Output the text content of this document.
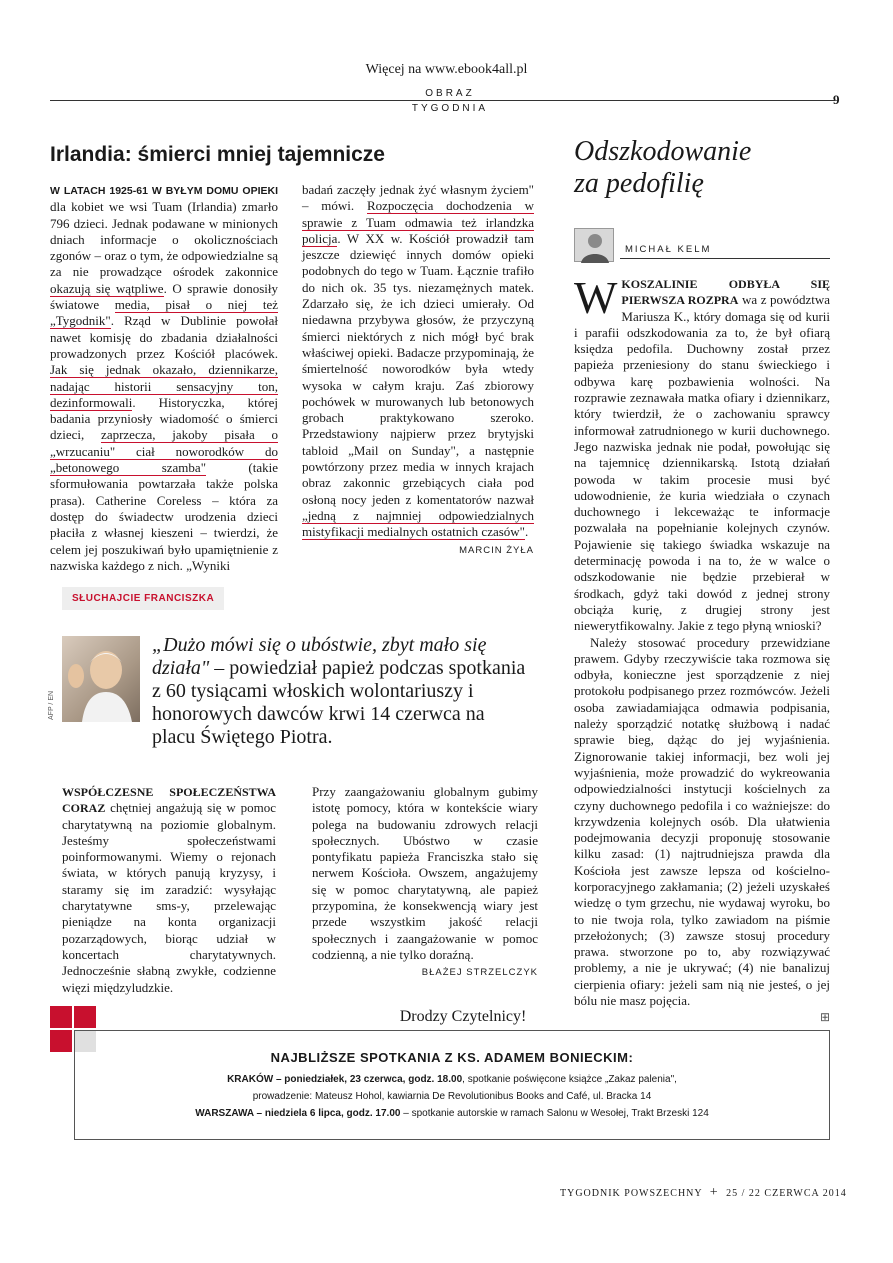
Więcej na www.ebook4all.pl
OBRAZ
TYGODNIA
9
Irlandia: śmierci mniej tajemnicze
W LATACH 1925-61 W BYŁYM DOMU OPIEKI dla kobiet we wsi Tuam (Irlandia) zmarło 796 dzieci. Jednak podawane w minionych dniach informacje o okolicznościach zgonów – oraz o tym, że odpowiedzialne są za nie prowadzące ośrodek zakonnice okazują się wątpliwe. O sprawie donosiły światowe media, pisał o niej też „Tygodnik". Rząd w Dublinie powołał nawet komisję do zbadania działalności prowadzonych przez Kościół placówek. Jak się jednak okazało, dziennikarze, nadając historii sensacyjny ton, dezinformowali. Historyczka, której badania przyniosły wiadomość o śmierci dzieci, zaprzecza, jakoby pisała o „wrzucaniu" ciał noworodków do „betonowego szamba" (takie sformułowania powtarzała także polska prasa). Catherine Coreless – która za dostęp do świadectw urodzenia dzieci płaciła z własnej kieszeni – twierdzi, że celem jej poszukiwań było upamiętnienie z nazwiska każdego z nich. „Wyniki
badań zaczęły jednak żyć własnym życiem" – mówi. Rozpoczęcia dochodzenia w sprawie z Tuam odmawia też irlandzka policja. W XX w. Kościół prowadził tam jeszcze dziewięć innych domów opieki podobnych do tego w Tuam. Łącznie trafiło do nich ok. 35 tys. niezamężnych matek. Zdarzało się, że ich dzieci umierały. Od niedawna przybywa głosów, że przyczyną śmierci niektórych z nich mógł być brak właściwej opieki. Badacze przypominają, że śmiertelność noworodków była wtedy wysoka w całym kraju. Zaś zbiorowy pochówek w murowanych lub betonowych grobach praktykowano szeroko. Przedstawiony najpierw przez brytyjski tabloid „Mail on Sunday", a następnie powtórzony przez media w innych krajach obraz zakonnic grzebiących ciała pod osłoną nocy jeden z komentatorów nazwał „jedną z najmniej odpowiedzialnych mistyfikacji medialnych ostatnich czasów".
MARCIN ŻYŁA
Odszkodowanie
za pedofilię
MICHAŁ KELM
WKOSZALINIE ODBYŁA SIĘ PIERWSZA ROZPRA wa z powództwa Mariusza K., który domaga się od kurii i parafii odszkodowania za to, że był ofiarą księdza pedofila. Duchowny został przez papieża przeniesiony do stanu świeckiego i odbywa karę pozbawienia wolności. Na rozprawie zeznawała matka ofiary i dziennikarz, który twierdził, że o zachowaniu sprawcy informował zatrudnionego w kurii duchownego. Jego nazwiska jednak nie podał, powołując się na tajemnicę dziennikarską. Istotą działań powoda w takim procesie musi być udowodnienie, że kuria wiedziała o czynach duchownego i lekceważąc te informacje pozwalała na popełnianie kolejnych czynów. Pojawienie się takiego świadka wskazuje na determinację powoda i na to, że w walce o odszkodowanie nie będzie przebierał w środkach, gdyż taki dowód z jednej strony obciąża kurię, z drugiej strony jest niewerytfikowalny. Jakie z tego płyną wnioski?
Należy stosować procedury przewidziane prawem. Gdyby rzeczywiście taka rozmowa się odbyła, konieczne jest sporządzenie z niej protokołu podpisanego przez rozmówców. Jeżeli osoba zawiadamiająca odmawia podpisania, należy sporządzić notatkę służbową i nadać sprawie bieg, dążąc do jej wyjaśnienia. Zignorowanie takiej informacji, bez woli jej wyjaśnienia, może prowadzić do wykreowania odpowiedzialności instytucji kościelnych za czyny duchownego pedofila i co ważniejsze: do krzywdzenia kolejnych osób. Dla ułatwienia podejmowania decyzji proponuję stosowanie kilku zasad: (1) najtrudniejsza prawda dla Kościoła jest zawsze lepsza od kościelno-korporacyjnego zakłamania; (2) jeżeli uzyskałeś wiedzę o tym grzechu, nie wydawaj wyroku, bo to nie twoja rola, tylko zawiadom na piśmie przełożonych; (3) zawsze stosuj procedury prawa. stworzone po to, aby rozwiązywać problemy, a nie je ukrywać; (4) nie banalizuj cierpienia ofiary: jeżeli sam nią nie jesteś, o jej bólu nie masz pojęcia.
⊞
SŁUCHAJCIE FRANCISZKA
AFP / EN
„Dużo mówi się o ubóstwie, zbyt mało się działa" – powiedział papież podczas spotkania z 60 tysiącami włoskich wolontariuszy i honorowych dawców krwi 14 czerwca na placu Świętego Piotra.
WSPÓŁCZESNE SPOŁECZEŃSTWA CORAZ chętniej angażują się w pomoc charytatywną na poziomie globalnym. Jesteśmy społeczeństwami poinformowanymi. Wiemy o rejonach świata, w których panują kryzysy, i staramy się im zaradzić: wysyłając charytatywne sms-y, przelewając pieniądze na konta organizacji pozarządowych, biorąc udział w koncertach charytatywnych. Jednocześnie słabną zwykłe, codzienne więzi międzyludzkie.
Przy zaangażowaniu globalnym gubimy istotę pomocy, która w kontekście wiary polega na budowaniu zdrowych relacji społecznych. Ubóstwo w czasie pontyfikatu papieża Franciszka stało się nerwem Kościoła. Owszem, angażujemy się w pomoc charytatywną, ale papież przypomina, że konsekwencją wiary jest przede wszystkim jakość relacji społecznych i zaangażowanie w pomoc codzienną, a nie tylko doraźną.
BŁAŻEJ STRZELCZYK
Drodzy Czytelnicy!
NAJBLIŻSZE SPOTKANIA Z KS. ADAMEM BONIECKIM:
KRAKÓW – poniedziałek, 23 czerwca, godz. 18.00, spotkanie poświęcone książce „Zakaz palenia",
prowadzenie: Mateusz Hohol, kawiarnia De Revolutionibus Books and Café, ul. Bracka 14
WARSZAWA – niedziela 6 lipca, godz. 17.00 – spotkanie autorskie w ramach Salonu w Wesołej, Trakt Brzeski 124
TYGODNIK POWSZECHNY + 25 / 22 CZERWCA 2014
